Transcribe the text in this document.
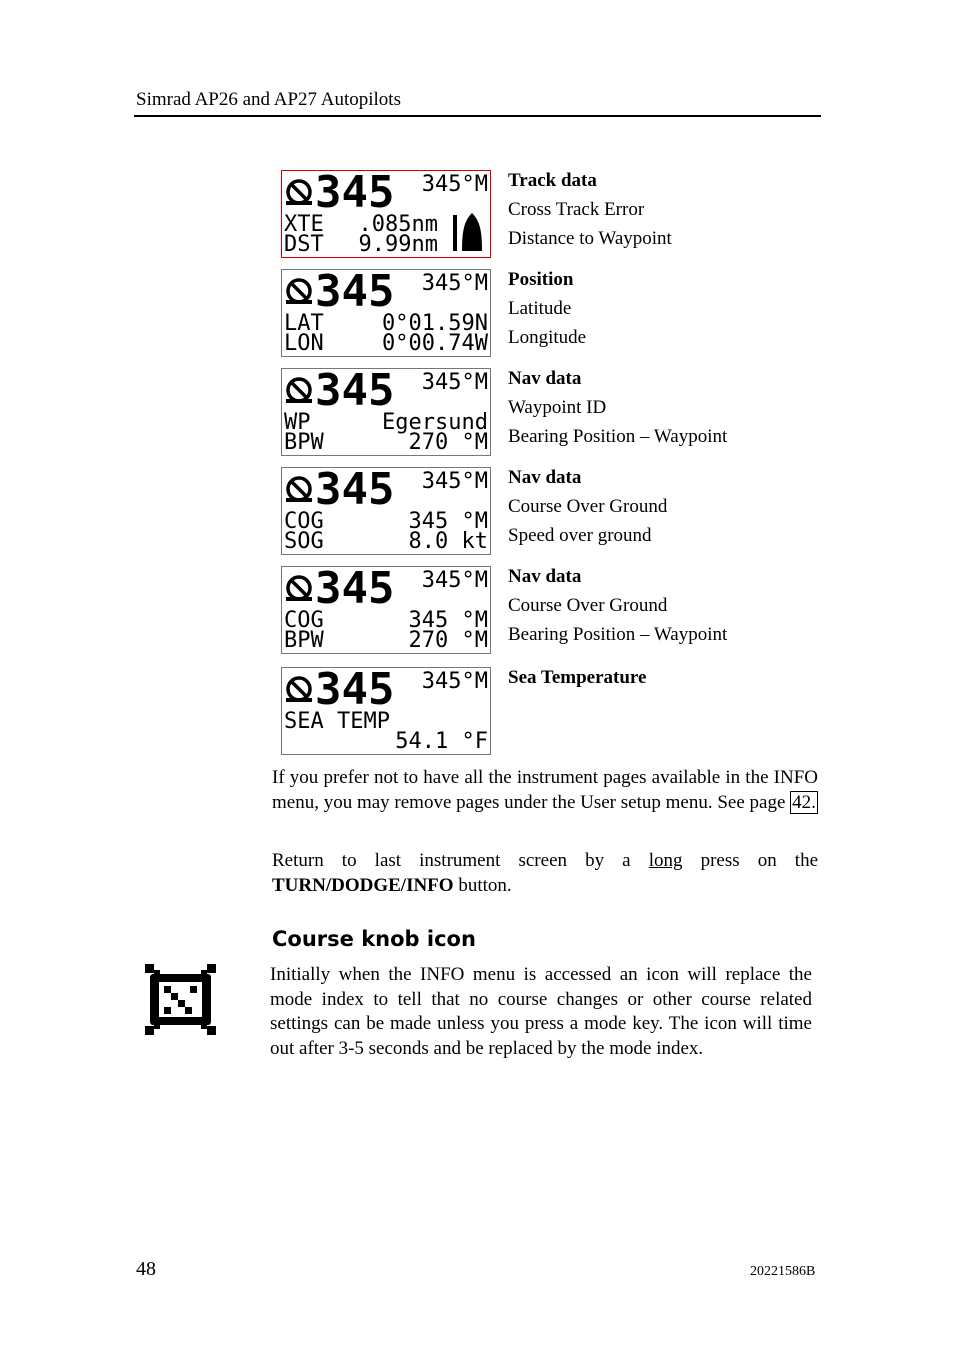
Simrad AP26 and AP27 Autopilots
345 345°M
XTE
DST
.085nm
9.99nm
Track data
Cross Track Error
Distance to Waypoint
345 345°M
LAT
LON
0°01.59N
0°00.74W
Position
Latitude
Longitude
345 345°M
WP
BPW
Egersund
270 °M
Nav data
Waypoint ID
Bearing Position – Waypoint
345 345°M
COG
SOG
345 °M
8.0 kt
Nav data
Course Over Ground
Speed over ground
345 345°M
COG
BPW
345 °M
270 °M
Nav data
Course Over Ground
Bearing Position – Waypoint
345 345°M
SEA TEMP
54.1 °F
Sea Temperature
If you prefer not to have all the instrument pages available in the INFO menu, you may remove pages under the User setup menu. See page 42.
Return to last instrument screen by a long press on the TURN/DODGE/INFO button.
Course knob icon
Initially when the INFO menu is accessed an icon will replace the mode index to tell that no course changes or other course related settings can be made unless you press a mode key. The icon will time out after 3-5 seconds and be replaced by the mode index.
48	20221586B
